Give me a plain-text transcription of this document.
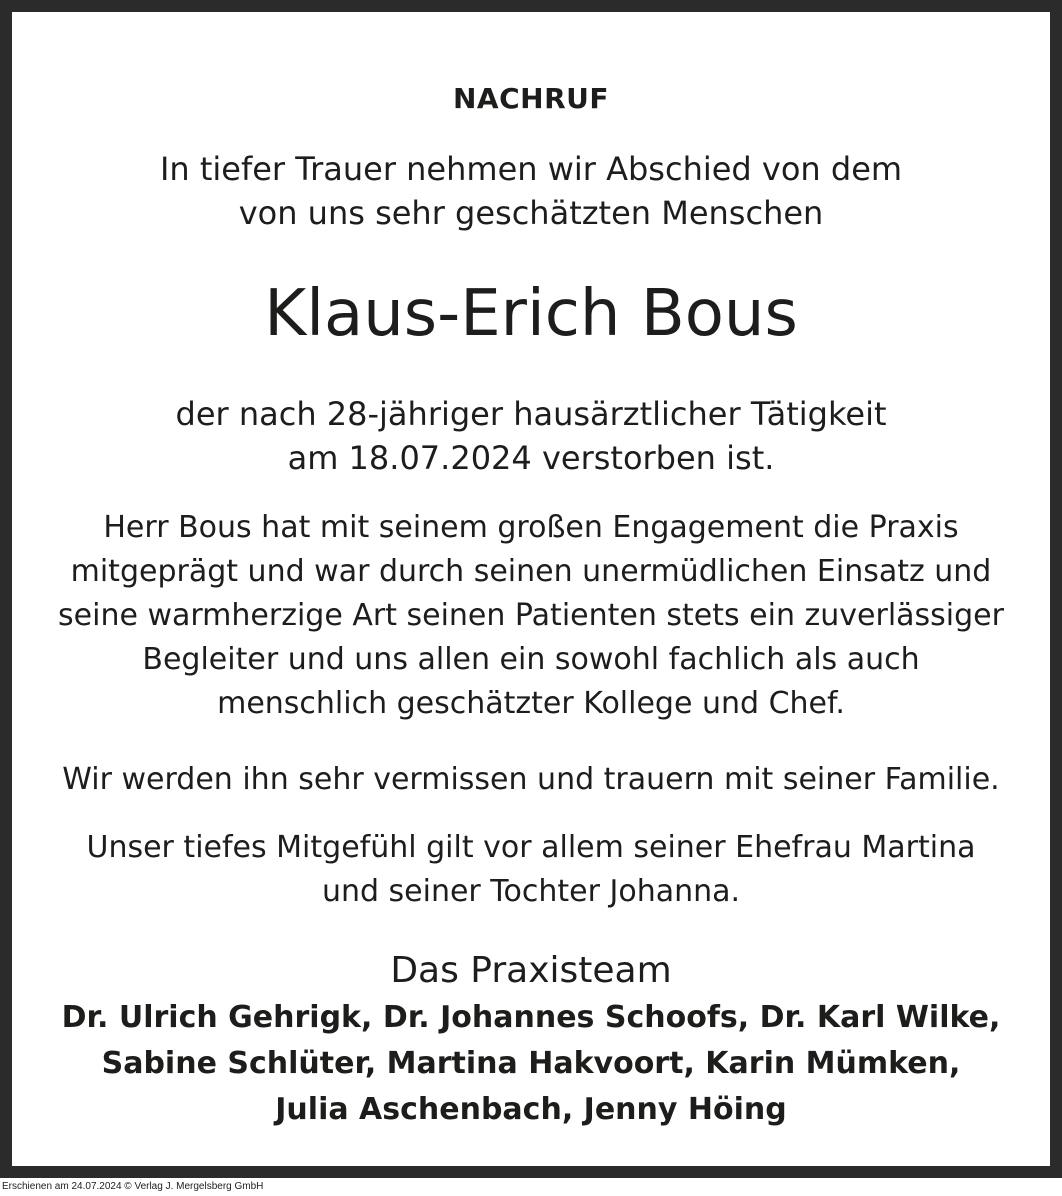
NACHRUF
In tiefer Trauer nehmen wir Abschied von dem
von uns sehr geschätzten Menschen
Klaus-Erich Bous
der nach 28-jähriger hausärztlicher Tätigkeit
am 18.07.2024 verstorben ist.
Herr Bous hat mit seinem großen Engagement die Praxis
mitgeprägt und war durch seinen unermüdlichen Einsatz und
seine warmherzige Art seinen Patienten stets ein zuverlässiger
Begleiter und uns allen ein sowohl fachlich als auch
menschlich geschätzter Kollege und Chef.
Wir werden ihn sehr vermissen und trauern mit seiner Familie.
Unser tiefes Mitgefühl gilt vor allem seiner Ehefrau Martina
und seiner Tochter Johanna.
Das Praxisteam
Dr. Ulrich Gehrigk, Dr. Johannes Schoofs, Dr. Karl Wilke,
Sabine Schlüter, Martina Hakvoort, Karin Mümken,
Julia Aschenbach, Jenny Höing
Erschienen am 24.07.2024 © Verlag J. Mergelsberg GmbH
